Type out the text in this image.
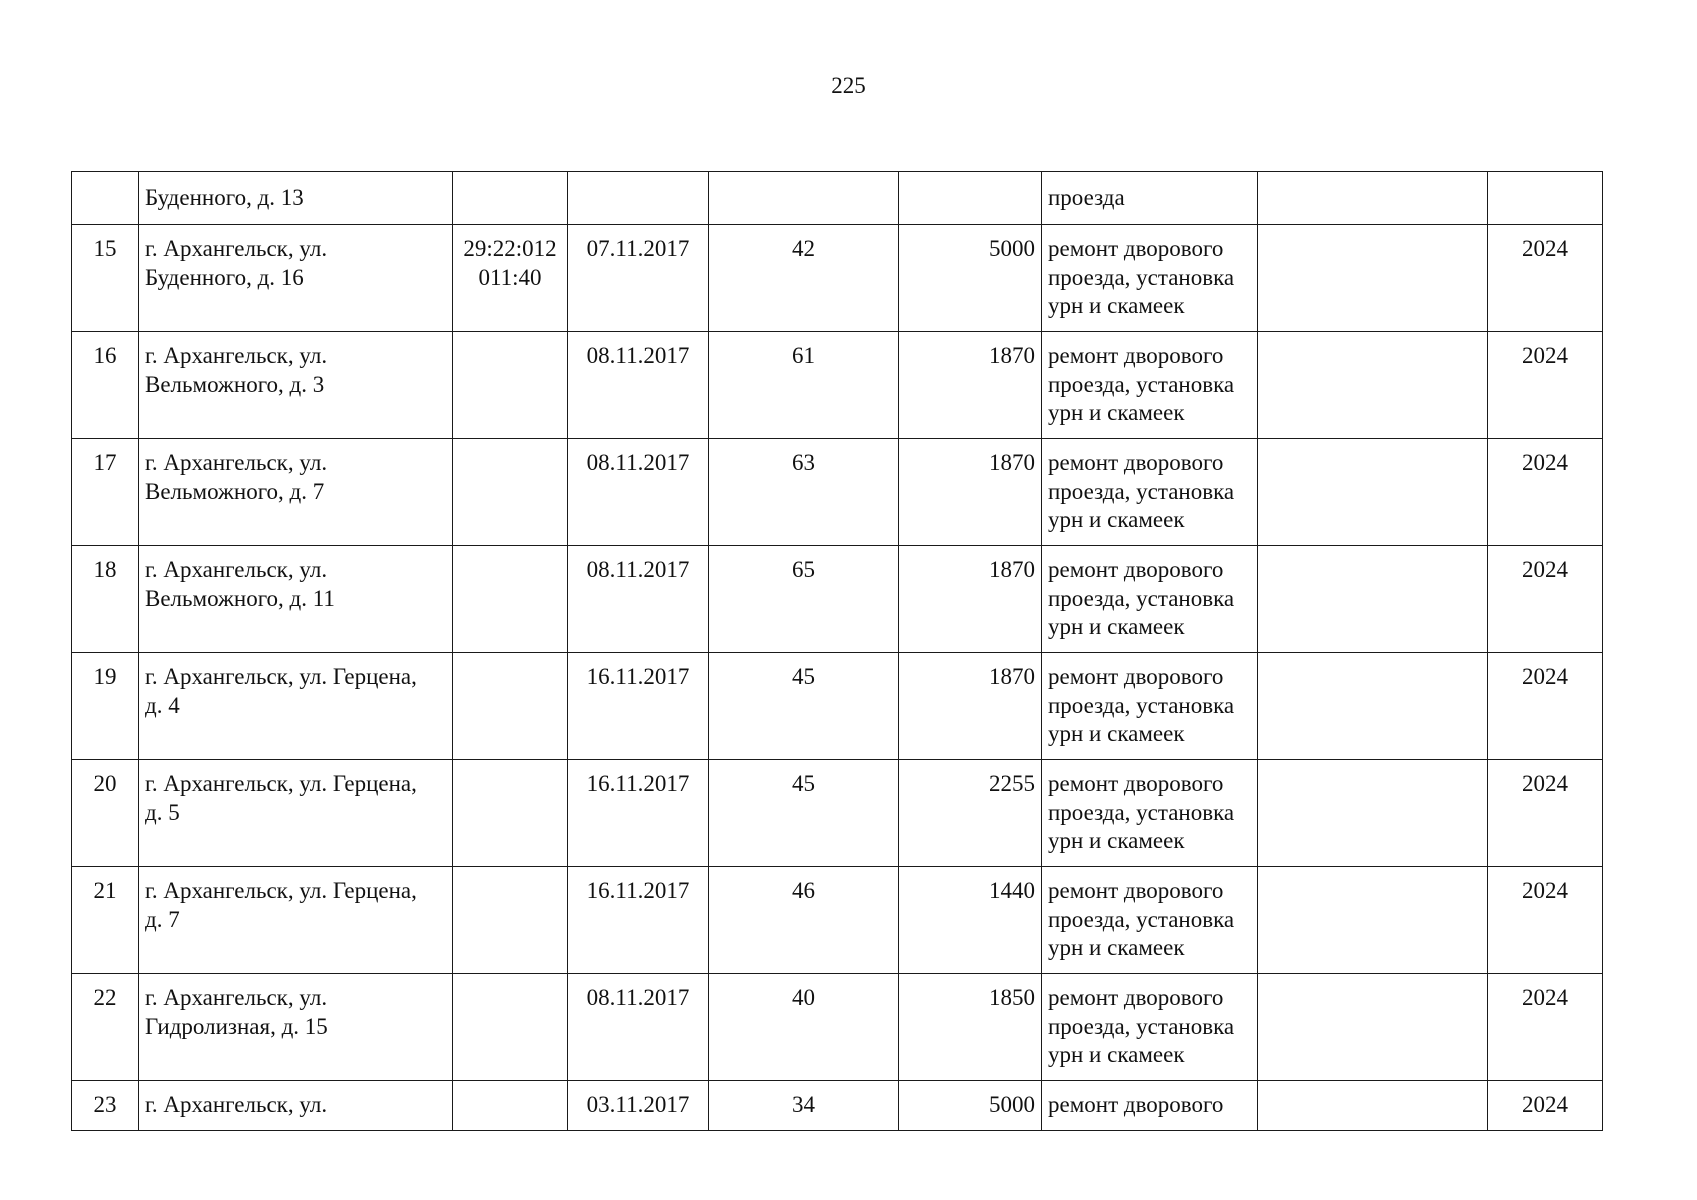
225

	Буденного, д. 13					проезда		

15	г. Архангельск, ул.
Буденного, д. 16	29:22:012
011:40	07.11.2017	42	5000	ремонт дворового
проезда, установка
урн и скамеек		2024
16	г. Архангельск, ул.
Вельможного, д. 3		08.11.2017	61	1870	ремонт дворового
проезда, установка
урн и скамеек		2024
17	г. Архангельск, ул.
Вельможного, д. 7		08.11.2017	63	1870	ремонт дворового
проезда, установка
урн и скамеек		2024
18	г. Архангельск, ул.
Вельможного, д. 11		08.11.2017	65	1870	ремонт дворового
проезда, установка
урн и скамеек		2024
19	г. Архангельск, ул. Герцена,
д. 4		16.11.2017	45	1870	ремонт дворового
проезда, установка
урн и скамеек		2024
20	г. Архангельск, ул. Герцена,
д. 5		16.11.2017	45	2255	ремонт дворового
проезда, установка
урн и скамеек		2024
21	г. Архангельск, ул. Герцена,
д. 7		16.11.2017	46	1440	ремонт дворового
проезда, установка
урн и скамеек		2024
22	г. Архангельск, ул.
Гидролизная, д. 15		08.11.2017	40	1850	ремонт дворового
проезда, установка
урн и скамеек		2024
23	г. Архангельск, ул.		03.11.2017	34	5000	ремонт дворового		2024
